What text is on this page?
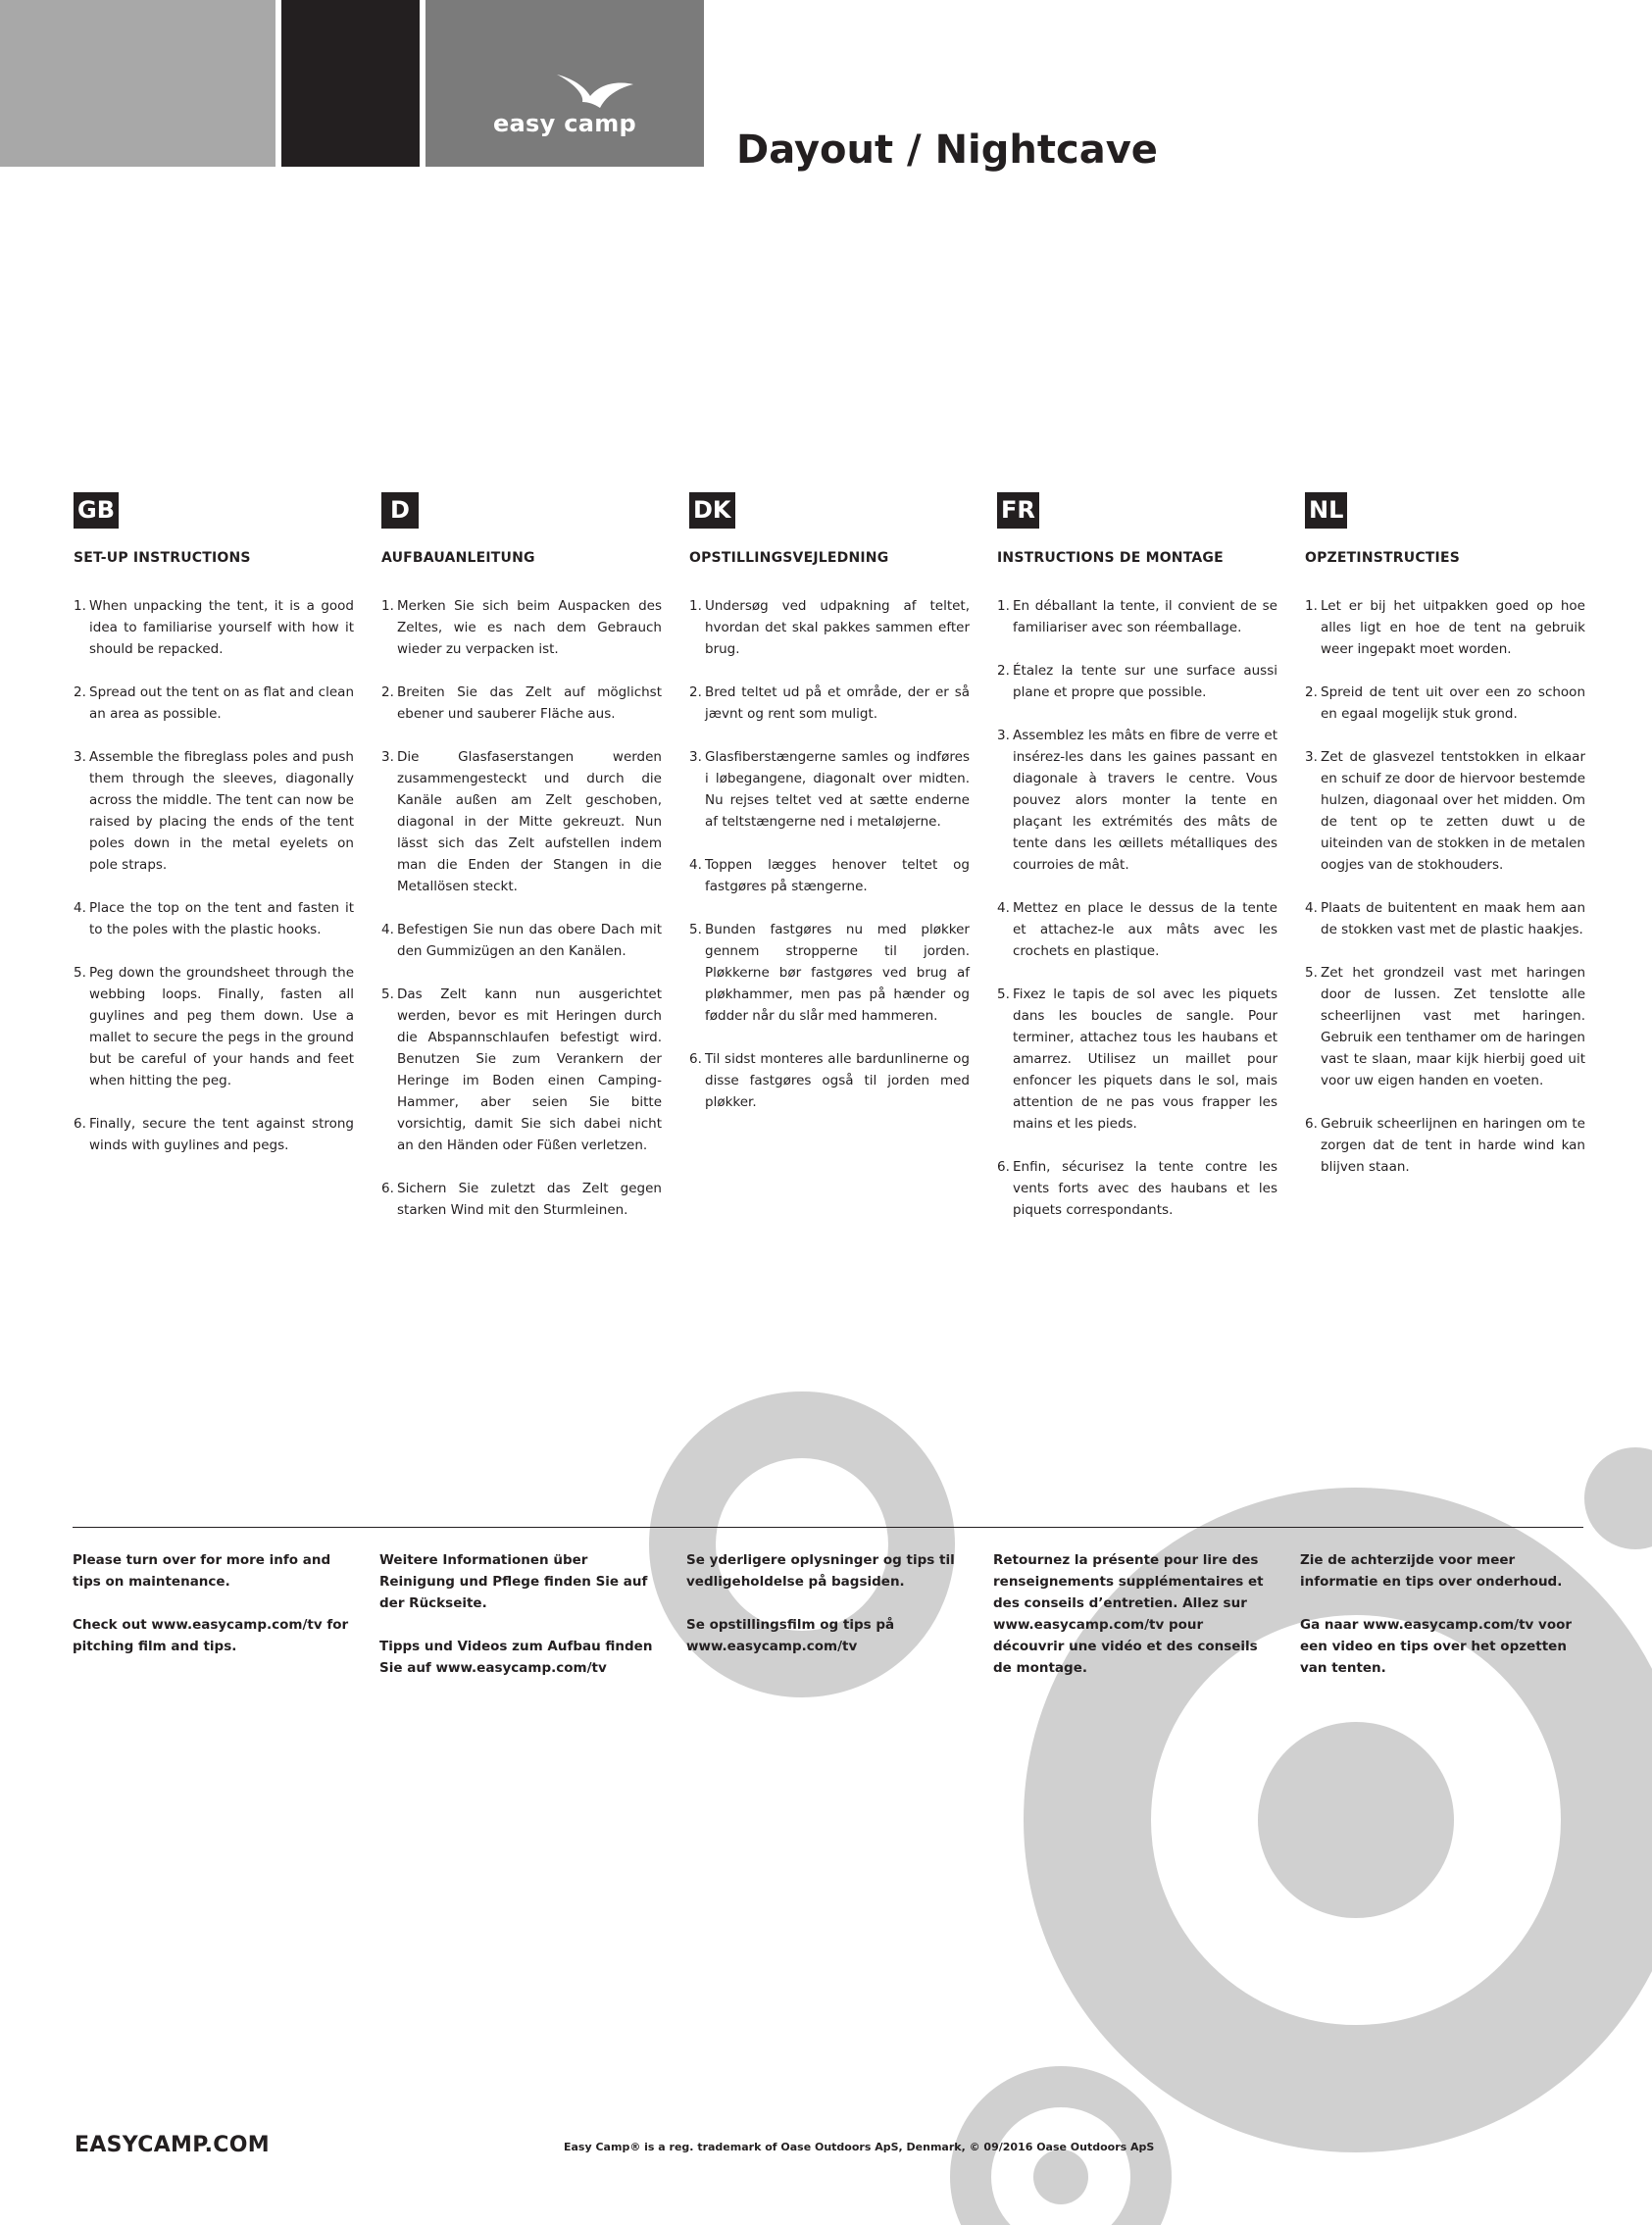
easy camp
Dayout / Nightcave
GB
SET-UP INSTRUCTIONS
1. When unpacking the tent, it is a good idea to familiarise yourself with how it should be repacked.
2. Spread out the tent on as flat and clean an area as possible.
3. Assemble the fibreglass poles and push them through the sleeves, diagonally across the middle. The tent can now be raised by placing the ends of the tent poles down in the metal eyelets on pole straps.
4. Place the top on the tent and fasten it to the poles with the plastic hooks.
5. Peg down the groundsheet through the webbing loops. Finally, fasten all guylines and peg them down. Use a mallet to secure the pegs in the ground but be careful of your hands and feet when hitting the peg.
6. Finally, secure the tent against strong winds with guylines and pegs.
D
AUFBAUANLEITUNG
1. Merken Sie sich beim Auspacken des Zeltes, wie es nach dem Gebrauch wieder zu verpacken ist.
2. Breiten Sie das Zelt auf möglichst ebener und sauberer Fläche aus.
3. Die Glasfaserstangen werden zusammengesteckt und durch die Kanäle außen am Zelt geschoben, diagonal in der Mitte gekreuzt. Nun lässt sich das Zelt aufstellen indem man die Enden der Stangen in die Metallösen steckt.
4. Befestigen Sie nun das obere Dach mit den Gummizügen an den Kanälen.
5. Das Zelt kann nun ausgerichtet werden, bevor es mit Heringen durch die Abspannschlaufen befestigt wird. Benutzen Sie zum Verankern der Heringe im Boden einen Camping-Hammer, aber seien Sie bitte vorsichtig, damit Sie sich dabei nicht an den Händen oder Füßen verletzen.
6. Sichern Sie zuletzt das Zelt gegen starken Wind mit den Sturmleinen.
DK
OPSTILLINGSVEJLEDNING
1. Undersøg ved udpakning af teltet, hvordan det skal pakkes sammen efter brug.
2. Bred teltet ud på et område, der er så jævnt og rent som muligt.
3. Glasfiberstængerne samles og indføres i løbegangene, diagonalt over midten. Nu rejses teltet ved at sætte enderne af teltstængerne ned i metaløjerne.
4. Toppen lægges henover teltet og fastgøres på stængerne.
5. Bunden fastgøres nu med pløkker gennem stropperne til jorden. Pløkkerne bør fastgøres ved brug af pløkhammer, men pas på hænder og fødder når du slår med hammeren.
6. Til sidst monteres alle bardunlinerne og disse fastgøres også til jorden med pløkker.
FR
INSTRUCTIONS DE MONTAGE
1. En déballant la tente, il convient de se familiariser avec son réemballage.
2. Étalez la tente sur une surface aussi plane et propre que possible.
3. Assemblez les mâts en fibre de verre et insérez-les dans les gaines passant en diagonale à travers le centre. Vous pouvez alors monter la tente en plaçant les extrémités des mâts de tente dans les œillets métalliques des courroies de mât.
4. Mettez en place le dessus de la tente et attachez-le aux mâts avec les crochets en plastique.
5. Fixez le tapis de sol avec les piquets dans les boucles de sangle. Pour terminer, attachez tous les haubans et amarrez. Utilisez un maillet pour enfoncer les piquets dans le sol, mais attention de ne pas vous frapper les mains et les pieds.
6. Enfin, sécurisez la tente contre les vents forts avec des haubans et les piquets correspondants.
NL
OPZETINSTRUCTIES
1. Let er bij het uitpakken goed op hoe alles ligt en hoe de tent na gebruik weer ingepakt moet worden.
2. Spreid de tent uit over een zo schoon en egaal mogelijk stuk grond.
3. Zet de glasvezel tentstokken in elkaar en schuif ze door de hiervoor bestemde hulzen, diagonaal over het midden. Om de tent op te zetten duwt u de uiteinden van de stokken in de metalen oogjes van de stokhouders.
4. Plaats de buitentent en maak hem aan de stokken vast met de plastic haakjes.
5. Zet het grondzeil vast met haringen door de lussen. Zet tenslotte alle scheerlijnen vast met haringen. Gebruik een tenthamer om de haringen vast te slaan, maar kijk hierbij goed uit voor uw eigen handen en voeten.
6. Gebruik scheerlijnen en haringen om te zorgen dat de tent in harde wind kan blijven staan.

Please turn over for more info and tips on maintenance.

Check out www.easycamp.com/tv for pitching film and tips.

Weitere Informationen über Reinigung und Pflege finden Sie auf der Rückseite.

Tipps und Videos zum Aufbau finden Sie auf www.easycamp.com/tv

Se yderligere oplysninger og tips til vedligeholdelse på bagsiden.

Se opstillingsfilm og tips på www.easycamp.com/tv

Retournez la présente pour lire des renseignements supplémentaires et des conseils d’entretien. Allez sur www.easycamp.com/tv pour découvrir une vidéo et des conseils de montage.

Zie de achterzijde voor meer informatie en tips over onderhoud.

Ga naar www.easycamp.com/tv voor een video en tips over het opzetten van tenten.

EASYCAMP.COM	Easy Camp® is a reg. trademark of Oase Outdoors ApS, Denmark, © 09/2016 Oase Outdoors ApS
